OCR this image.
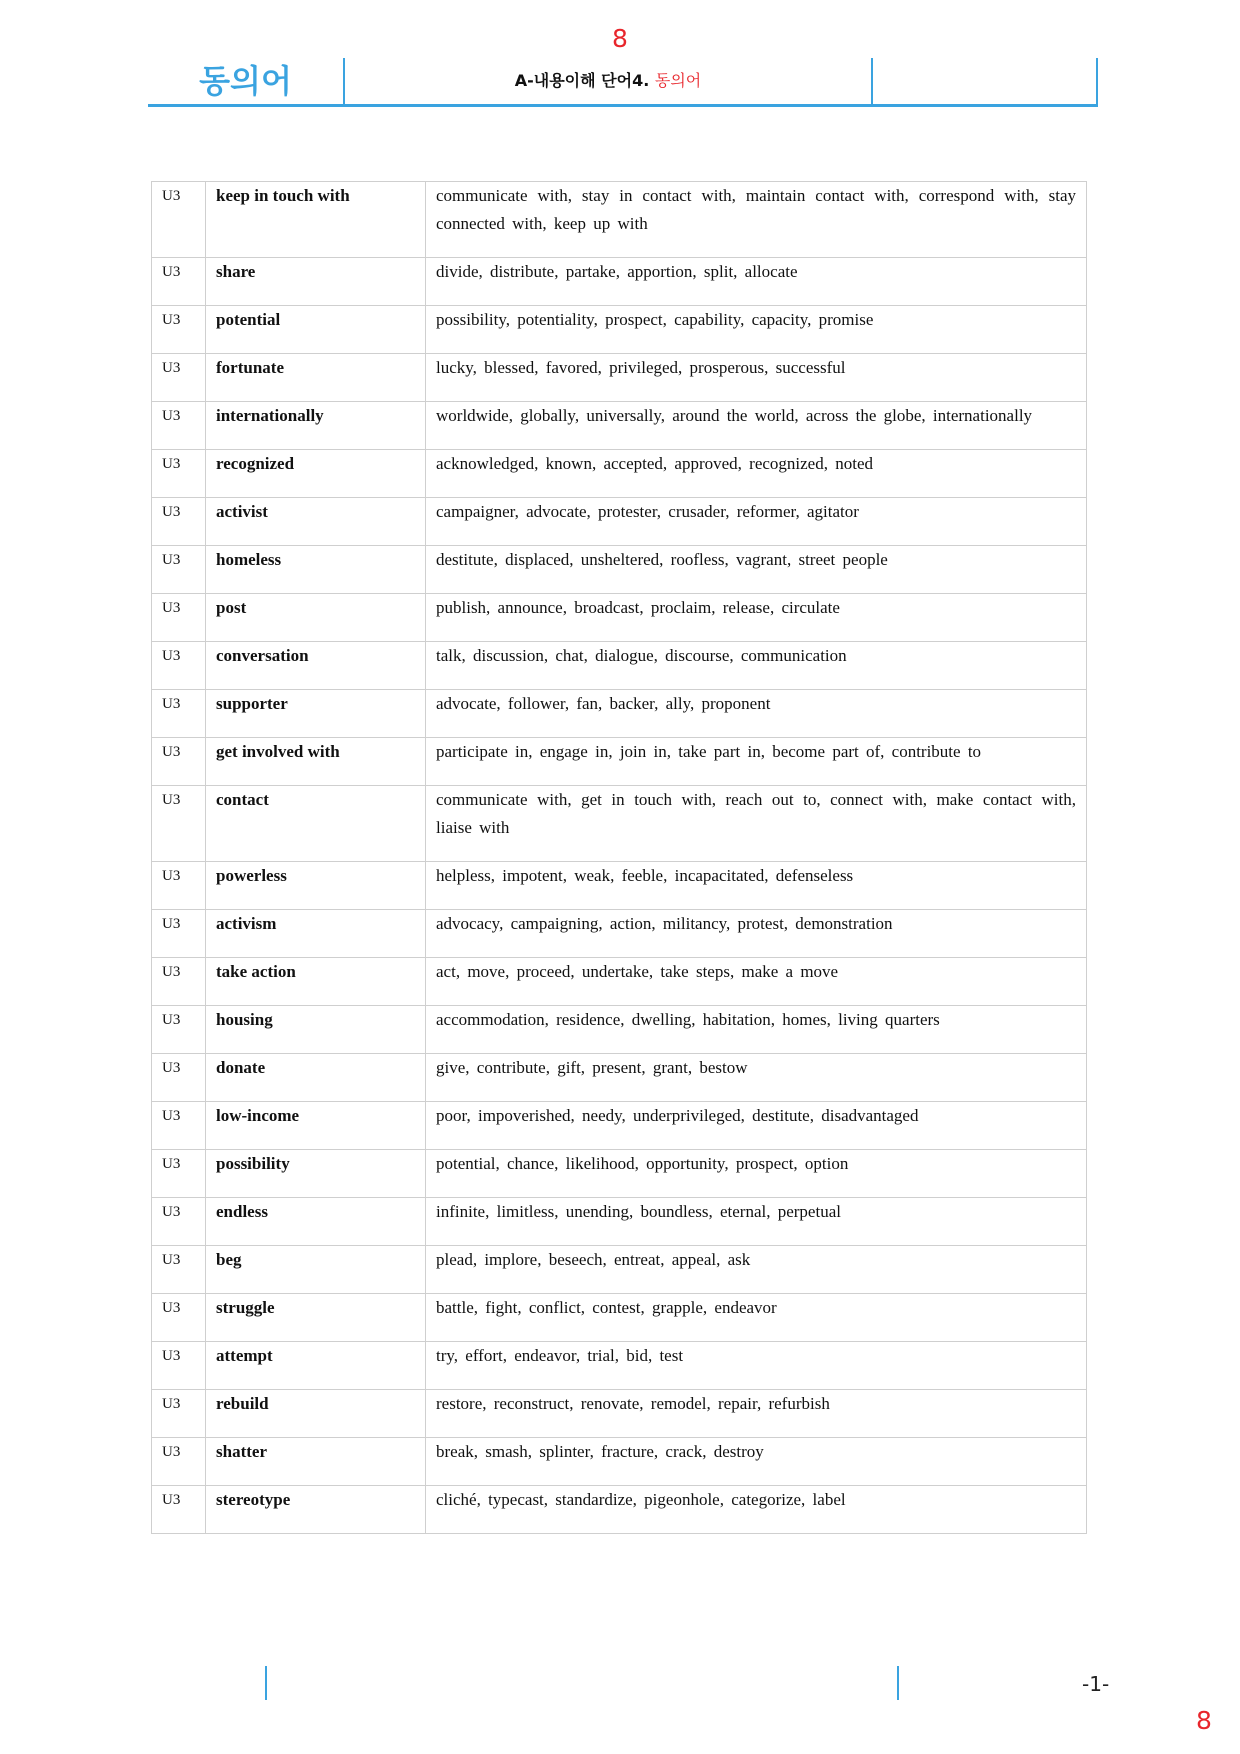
8
동의어	A-내용이해 단어4. 동의어
U3	keep in touch with	communicate with, stay in contact with, maintain contact with, correspond with, stay connected with, keep up with
U3	share	divide, distribute, partake, apportion, split, allocate
U3	potential	possibility, potentiality, prospect, capability, capacity, promise
U3	fortunate	lucky, blessed, favored, privileged, prosperous, successful
U3	internationally	worldwide, globally, universally, around the world, across the globe, internationally
U3	recognized	acknowledged, known, accepted, approved, recognized, noted
U3	activist	campaigner, advocate, protester, crusader, reformer, agitator
U3	homeless	destitute, displaced, unsheltered, roofless, vagrant, street people
U3	post	publish, announce, broadcast, proclaim, release, circulate
U3	conversation	talk, discussion, chat, dialogue, discourse, communication
U3	supporter	advocate, follower, fan, backer, ally, proponent
U3	get involved with	participate in, engage in, join in, take part in, become part of, contribute to
U3	contact	communicate with, get in touch with, reach out to, connect with, make contact with, liaise with
U3	powerless	helpless, impotent, weak, feeble, incapacitated, defenseless
U3	activism	advocacy, campaigning, action, militancy, protest, demonstration
U3	take action	act, move, proceed, undertake, take steps, make a move
U3	housing	accommodation, residence, dwelling, habitation, homes, living quarters
U3	donate	give, contribute, gift, present, grant, bestow
U3	low-income	poor, impoverished, needy, underprivileged, destitute, disadvantaged
U3	possibility	potential, chance, likelihood, opportunity, prospect, option
U3	endless	infinite, limitless, unending, boundless, eternal, perpetual
U3	beg	plead, implore, beseech, entreat, appeal, ask
U3	struggle	battle, fight, conflict, contest, grapple, endeavor
U3	attempt	try, effort, endeavor, trial, bid, test
U3	rebuild	restore, reconstruct, renovate, remodel, repair, refurbish
U3	shatter	break, smash, splinter, fracture, crack, destroy
U3	stereotype	cliché, typecast, standardize, pigeonhole, categorize, label
-1-
8
